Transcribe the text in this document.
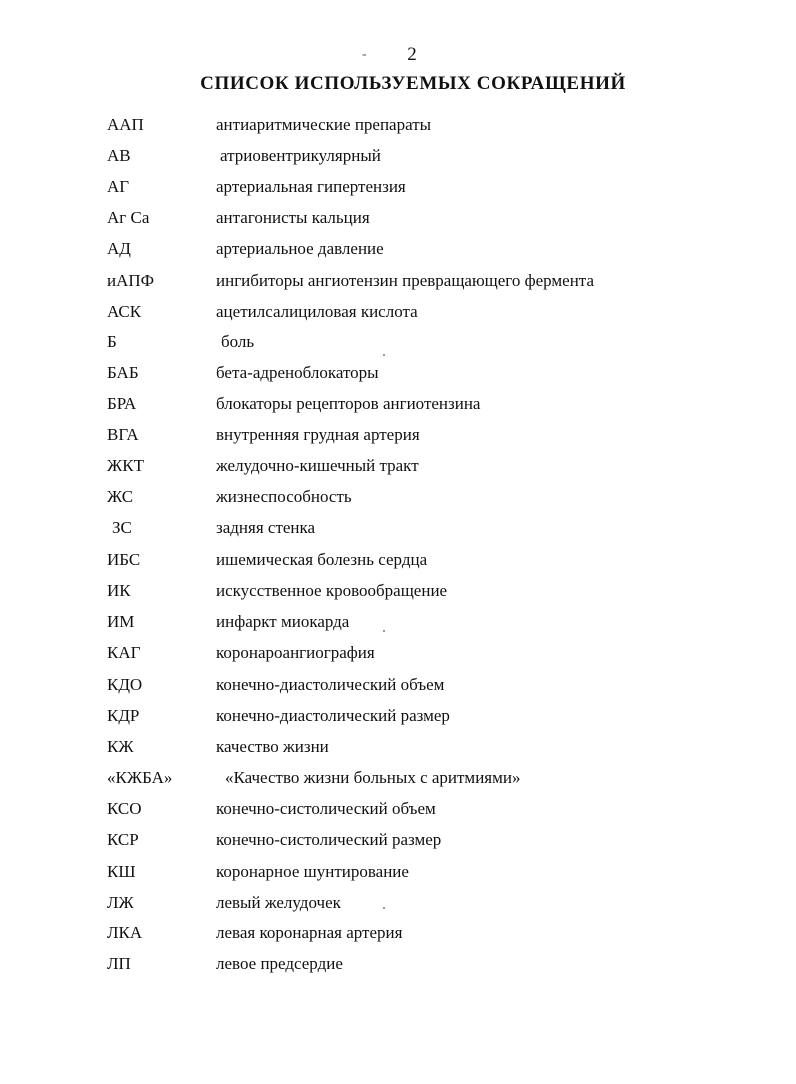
-	2
СПИСОК ИСПОЛЬЗУЕМЫХ СОКРАЩЕНИЙ
ААП	антиаритмические препараты
АВ	атриовентрикулярный
АГ	артериальная гипертензия
Аг Са	антагонисты кальция
АД	артериальное давление
иАПФ	ингибиторы ангиотензин превращающего фермента
АСК	ацетилсалициловая кислота
Б	боль
БАБ	бета-адреноблокаторы
БРА	блокаторы рецепторов ангиотензина
ВГА	внутренняя грудная артерия
ЖКТ	желудочно-кишечный тракт
ЖС	жизнеспособность
ЗС	задняя стенка
ИБС	ишемическая болезнь сердца
ИК	искусственное кровообращение
ИМ	инфаркт миокарда
КАГ	коронароангиография
КДО	конечно-диастолический объем
КДР	конечно-диастолический размер
КЖ	качество жизни
«КЖБА»	«Качество жизни больных с аритмиями»
КСО	конечно-систолический объем
КСР	конечно-систолический размер
КШ	коронарное шунтирование
ЛЖ	левый желудочек
ЛКА	левая коронарная артерия
ЛП	левое предсердие
